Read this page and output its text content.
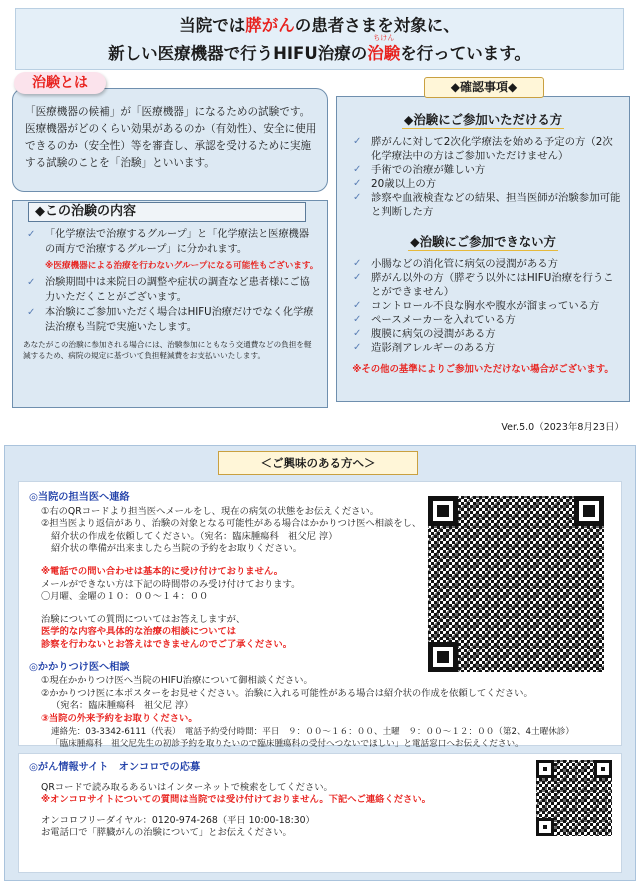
当院では膵がんの患者さまを対象に、
新しい医療機器で行うHIFU治療の
ちけん
治験を行っています。
「医療機器の候補」が「医療機器」になるための試験です。医療機器がどのくらい効果があるのか（有効性）、安全に使用できるのか（安全性）等を審査し、承認を受けるために実施する試験のことを「治験」といいます。
治験とは
✓ 「化学療法で治療するグループ」と「化学療法と医療機器の両方で治療するグループ」に分かれます。
※医療機器による治療を行わないグループになる可能性もございます。
✓ 治験期間中は来院日の調整や症状の調査など患者様にご協力いただくことがございます。
✓ 本治験にご参加いただく場合はHIFU治療だけでなく化学療法治療も当院で実施いたします。
あなたがこの治験に参加される場合には、治験参加にともなう交通費などの負担を軽減するため、病院の規定に基づいて負担軽減費をお支払いいたします。
◆この治験の内容
◆治験にご参加いただける方
✓ 膵がんに対して2次化学療法を始める予定の方（2次化学療法中の方はご参加いただけません）
✓ 手術での治療が難しい方
✓ 20歳以上の方
✓ 診察や血液検査などの結果、担当医師が治験参加可能と判断した方
◆治験にご参加できない方
✓ 小腸などの消化管に病気の浸潤がある方
✓ 膵がん以外の方（膵ぞう以外にはHIFU治療を行うことができません）
✓ コントロール不良な胸水や腹水が溜まっている方
✓ ペースメーカーを入れている方
✓ 腹膜に病気の浸潤がある方
✓ 造影剤アレルギーのある方
※その他の基準によりご参加いただけない場合がございます。
◆確認事項◆
Ver.5.0（2023年8月23日）
＜ご興味のある方へ＞
◎当院の担当医へ連絡
①右のQRコードより担当医へメールをし、現在の病気の状態をお伝えください。
②担当医より返信があり、治験の対象となる可能性がある場合はかかりつけ医へ相談をし、
紹介状の作成を依頼してください。（宛名：臨床腫瘍科　祖父尼 淳）
紹介状の準備が出来ましたら当院の予約をお取りください。
※電話での問い合わせは基本的に受け付けておりません。
メールができない方は下記の時間帯のみ受け付けております。
〇月曜、金曜の１０：００〜１４：００
治験についての質問についてはお答えしますが、
医学的な内容や具体的な治療の相談については
診察を行わないとお答えはできませんのでご了承ください。
◎かかりつけ医へ相談
①現在かかりつけ医へ当院のHIFU治療について御相談ください。
②かかりつけ医に本ポスターをお見せください。治験に入れる可能性がある場合は紹介状の作成を依頼してください。
（宛名：臨床腫瘍科　祖父尼 淳）
③当院の外来予約をお取りください。
連絡先：03-3342-6111（代表）　電話予約受付時間：平日　９：００〜１６：００、土曜　９：００〜１２：００（第2、4土曜休診）
「臨床腫瘍科　祖父尼先生の初診予約を取りたいので臨床腫瘍科の受付へつないでほしい」と電話窓口へお伝えください。
◎がん情報サイト　オンコロでの応募
QRコードで読み取るあるいはインターネットで検索をしてください。
※オンコロサイトについての質問は当院では受け付けておりません。下記へご連絡ください。
オンコロフリーダイヤル：0120-974-268（平日 10:00-18:30）
お電話口で「膵臓がんの治験について」とお伝えください。
